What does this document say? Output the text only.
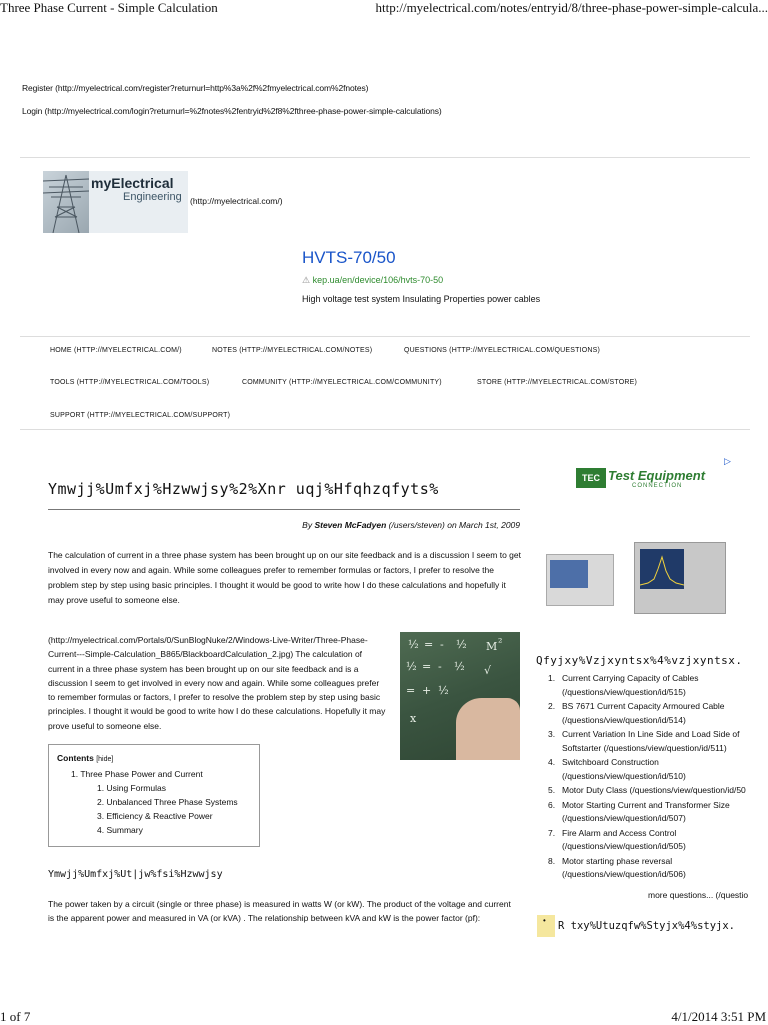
Three Phase Current - Simple Calculation	http://myelectrical.com/notes/entryid/8/three-phase-power-simple-calcula...
1 of 7	4/1/2014 3:51 PM
Register (http://myelectrical.com/register?returnurl=http%3a%2f%2fmyelectrical.com%2fnotes)
Login (http://myelectrical.com/login?returnurl=%2fnotes%2fentryid%2f8%2fthree-phase-power-simple-calculations)
myElectrical
Engineering (http://myelectrical.com/)
HVTS-70/50
⚠ kep.ua/en/device/106/hvts-70-50
High voltage test system Insulating Properties power cables
HOME (HTTP://MYELECTRICAL.COM/)	NOTES (HTTP://MYELECTRICAL.COM/NOTES)	QUESTIONS (HTTP://MYELECTRICAL.COM/QUESTIONS)
TOOLS (HTTP://MYELECTRICAL.COM/TOOLS)	COMMUNITY (HTTP://MYELECTRICAL.COM/COMMUNITY)	STORE (HTTP://MYELECTRICAL.COM/STORE)
SUPPORT (HTTP://MYELECTRICAL.COM/SUPPORT)
Ymwjj%Umfxj%Hzwwjsy%2%Xnr uqj%Hfqhzqfyts%
By Steven McFadyen (/users/steven) on March 1st, 2009
The calculation of current in a three phase system has been brought up on our site feedback and is a discussion I seem to get involved in every now and again. While some colleagues prefer to remember formulas or factors, I prefer to resolve the problem step by step using basic principles. I thought it would be good to write how I do these calculations and hopefully it may prove useful to someone else.
(http://myelectrical.com/Portals/0/SunBlogNuke/2/Windows-Live-Writer/Three-Phase-Current---Simple-Calculation_B865/BlackboardCalculation_2.jpg) The calculation of current in a three phase system has been brought up on our site feedback and is a discussion I seem to get involved in every now and again. While some colleagues prefer to remember formulas or factors, I prefer to resolve the problem step by step using basic principles. I thought it would be good to write how I do these calculations. Hopefully it may prove useful to someone else.
½ = - ½
½ = - ½
= + ½
M ²
√
x
Contents [hide]
1. Three Phase Power and Current
1. Using Formulas
2. Unbalanced Three Phase Systems
3. Efficiency & Reactive Power
4. Summary
Ymwjj%Umfxj%Ut|jw%fsi%Hzwwjsy
The power taken by a circuit (single or three phase) is measured in watts W (or kW). The product of the voltage and current is the apparent power and measured in VA (or kVA) . The relationship between kVA and kW is the power factor (pf):
TEC Test Equipment
CONNECTION
▷
Qfyjxy%Vzjxyntsx%4%vzjxyntsx.
1. Current Carrying Capacity of Cables (/questions/view/question/id/515)
2. BS 7671 Current Capacity Armoured Cable (/questions/view/question/id/514)
3. Current Variation In Line Side and Load Side of Softstarter (/questions/view/question/id/511)
4. Switchboard Construction (/questions/view/question/id/510)
5. Motor Duty Class (/questions/view/question/id/50
6. Motor Starting Current and Transformer Size (/questions/view/question/id/507)
7. Fire Alarm and Access Control (/questions/view/question/id/505)
8. Motor starting phase reversal (/questions/view/question/id/506)
more questions... (/questio
• R txy%Utuzqfw%Styjx%4%styjx.
